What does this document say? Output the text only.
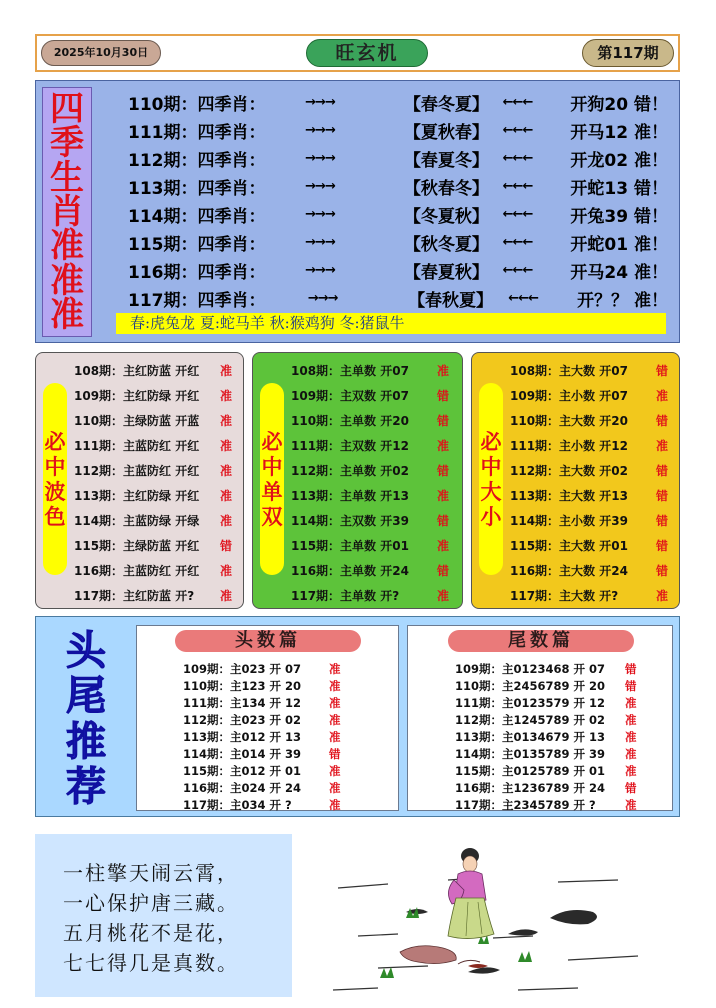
2025年10月30日	旺玄机	第117期
四
季
生
肖
准
准
准
110期：四季肖：	→→→	【春冬夏】	←←←	开狗20 错！
111期：四季肖：	→→→	【夏秋春】	←←←	开马12 准！
112期：四季肖：	→→→	【春夏冬】	←←←	开龙02 准！
113期：四季肖：	→→→	【秋春冬】	←←←	开蛇13 错！
114期：四季肖：	→→→	【冬夏秋】	←←←	开兔39 错！
115期：四季肖：	→→→	【秋冬夏】	←←←	开蛇01 准！
116期：四季肖：	→→→	【春夏秋】	←←←	开马24 准！
117期：四季肖：	→→→	【春秋夏】	←←←	开？？ 准！
春:虎兔龙 夏:蛇马羊 秋:猴鸡狗 冬:猪鼠牛
必
中
波
色
108期：主红防蓝 开红	准
109期：主红防绿 开红	准
110期：主绿防蓝 开蓝	准
111期：主蓝防红 开红	准
112期：主蓝防红 开红	准
113期：主红防绿 开红	准
114期：主蓝防绿 开绿	准
115期：主绿防蓝 开红	错
116期：主蓝防红 开红	准
117期：主红防蓝 开?	准
必
中
单
双
108期：主单数 开07	准
109期：主双数 开07	错
110期：主单数 开20	错
111期：主双数 开12	准
112期：主单数 开02	错
113期：主单数 开13	准
114期：主双数 开39	错
115期：主单数 开01	准
116期：主单数 开24	错
117期：主单数 开?	准
必
中
大
小
108期：主大数 开07	错
109期：主小数 开07	准
110期：主大数 开20	错
111期：主小数 开12	准
112期：主大数 开02	错
113期：主大数 开13	错
114期：主小数 开39	错
115期：主大数 开01	错
116期：主大数 开24	错
117期：主大数 开?	准
头
尾
推
荐
头数篇
109期：主023 开 07	准
110期：主123 开 20	准
111期：主134 开 12	准
112期：主023 开 02	准
113期：主012 开 13	准
114期：主014 开 39	错
115期：主012 开 01	准
116期：主024 开 24	准
117期：主034 开 ?	准
尾数篇
109期：主0123468 开 07	错
110期：主2456789 开 20	错
111期：主0123579 开 12	准
112期：主1245789 开 02	准
113期：主0134679 开 13	准
114期：主0135789 开 39	准
115期：主0125789 开 01	准
116期：主1236789 开 24	错
117期：主2345789 开 ?	准
一柱擎天闹云霄，
一心保护唐三藏。
五月桃花不是花，
七七得几是真数。
